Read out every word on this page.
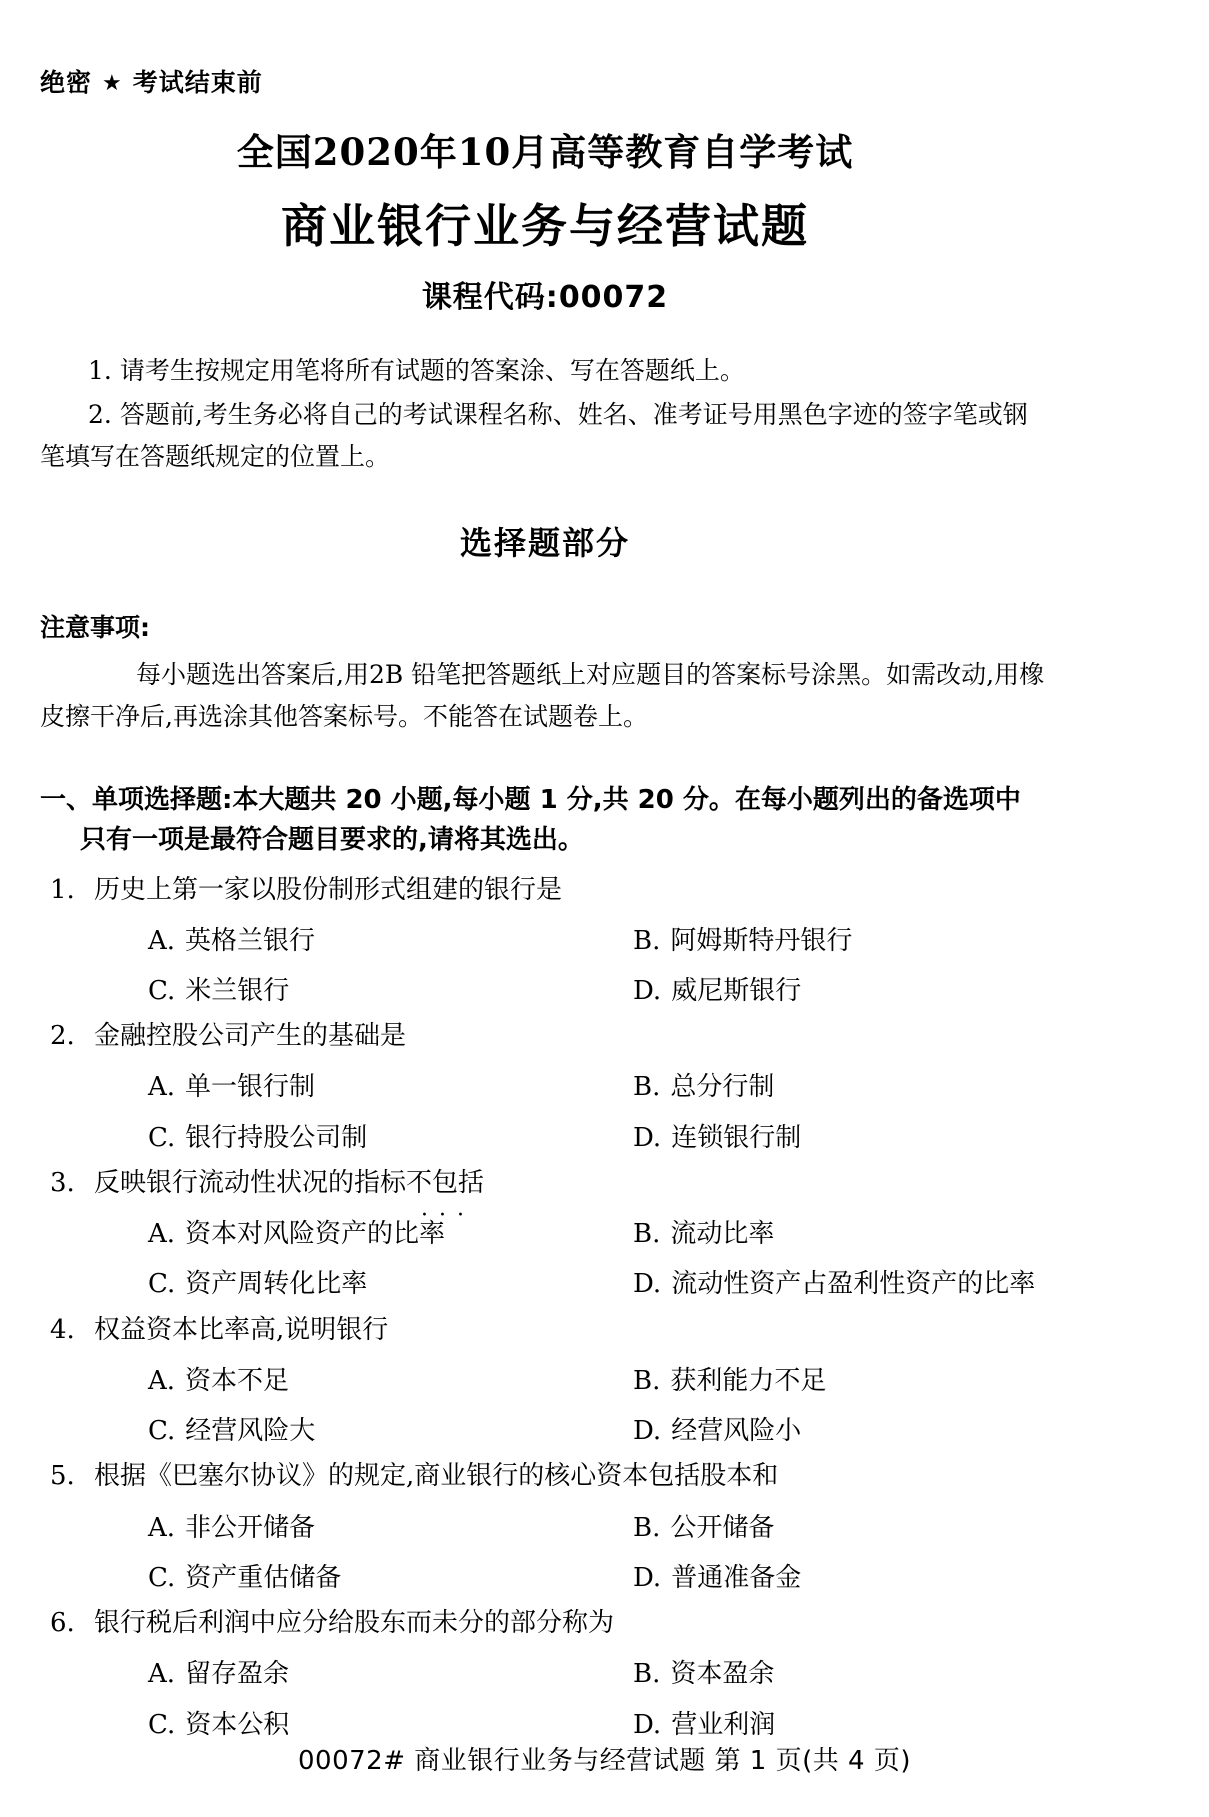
绝密 ★ 考试结束前
全国2020年10月高等教育自学考试
商业银行业务与经营试题
课程代码:00072
1. 请考生按规定用笔将所有试题的答案涂、写在答题纸上。
2. 答题前,考生务必将自己的考试课程名称、姓名、准考证号用黑色字迹的签字笔或钢笔填写在答题纸规定的位置上。
选择题部分
注意事项:
每小题选出答案后,用2B 铅笔把答题纸上对应题目的答案标号涂黑。如需改动,用橡皮擦干净后,再选涂其他答案标号。不能答在试题卷上。
一、单项选择题:本大题共 20 小题,每小题 1 分,共 20 分。在每小题列出的备选项中
只有一项是最符合题目要求的,请将其选出。
1. 历史上第一家以股份制形式组建的银行是
A. 英格兰银行	B. 阿姆斯特丹银行
C. 米兰银行	D. 威尼斯银行
2. 金融控股公司产生的基础是
A. 单一银行制	B. 总分行制
C. 银行持股公司制	D. 连锁银行制
3. 反映银行流动性状况的指标不包括 ···
A. 资本对风险资产的比率	B. 流动比率
C. 资产周转化比率	D. 流动性资产占盈利性资产的比率
4. 权益资本比率高,说明银行
A. 资本不足	B. 获利能力不足
C. 经营风险大	D. 经营风险小
5. 根据《巴塞尔协议》的规定,商业银行的核心资本包括股本和
A. 非公开储备	B. 公开储备
C. 资产重估储备	D. 普通准备金
6. 银行税后利润中应分给股东而未分的部分称为
A. 留存盈余	B. 资本盈余
C. 资本公积	D. 营业利润
00072# 商业银行业务与经营试题 第 1 页(共 4 页)
